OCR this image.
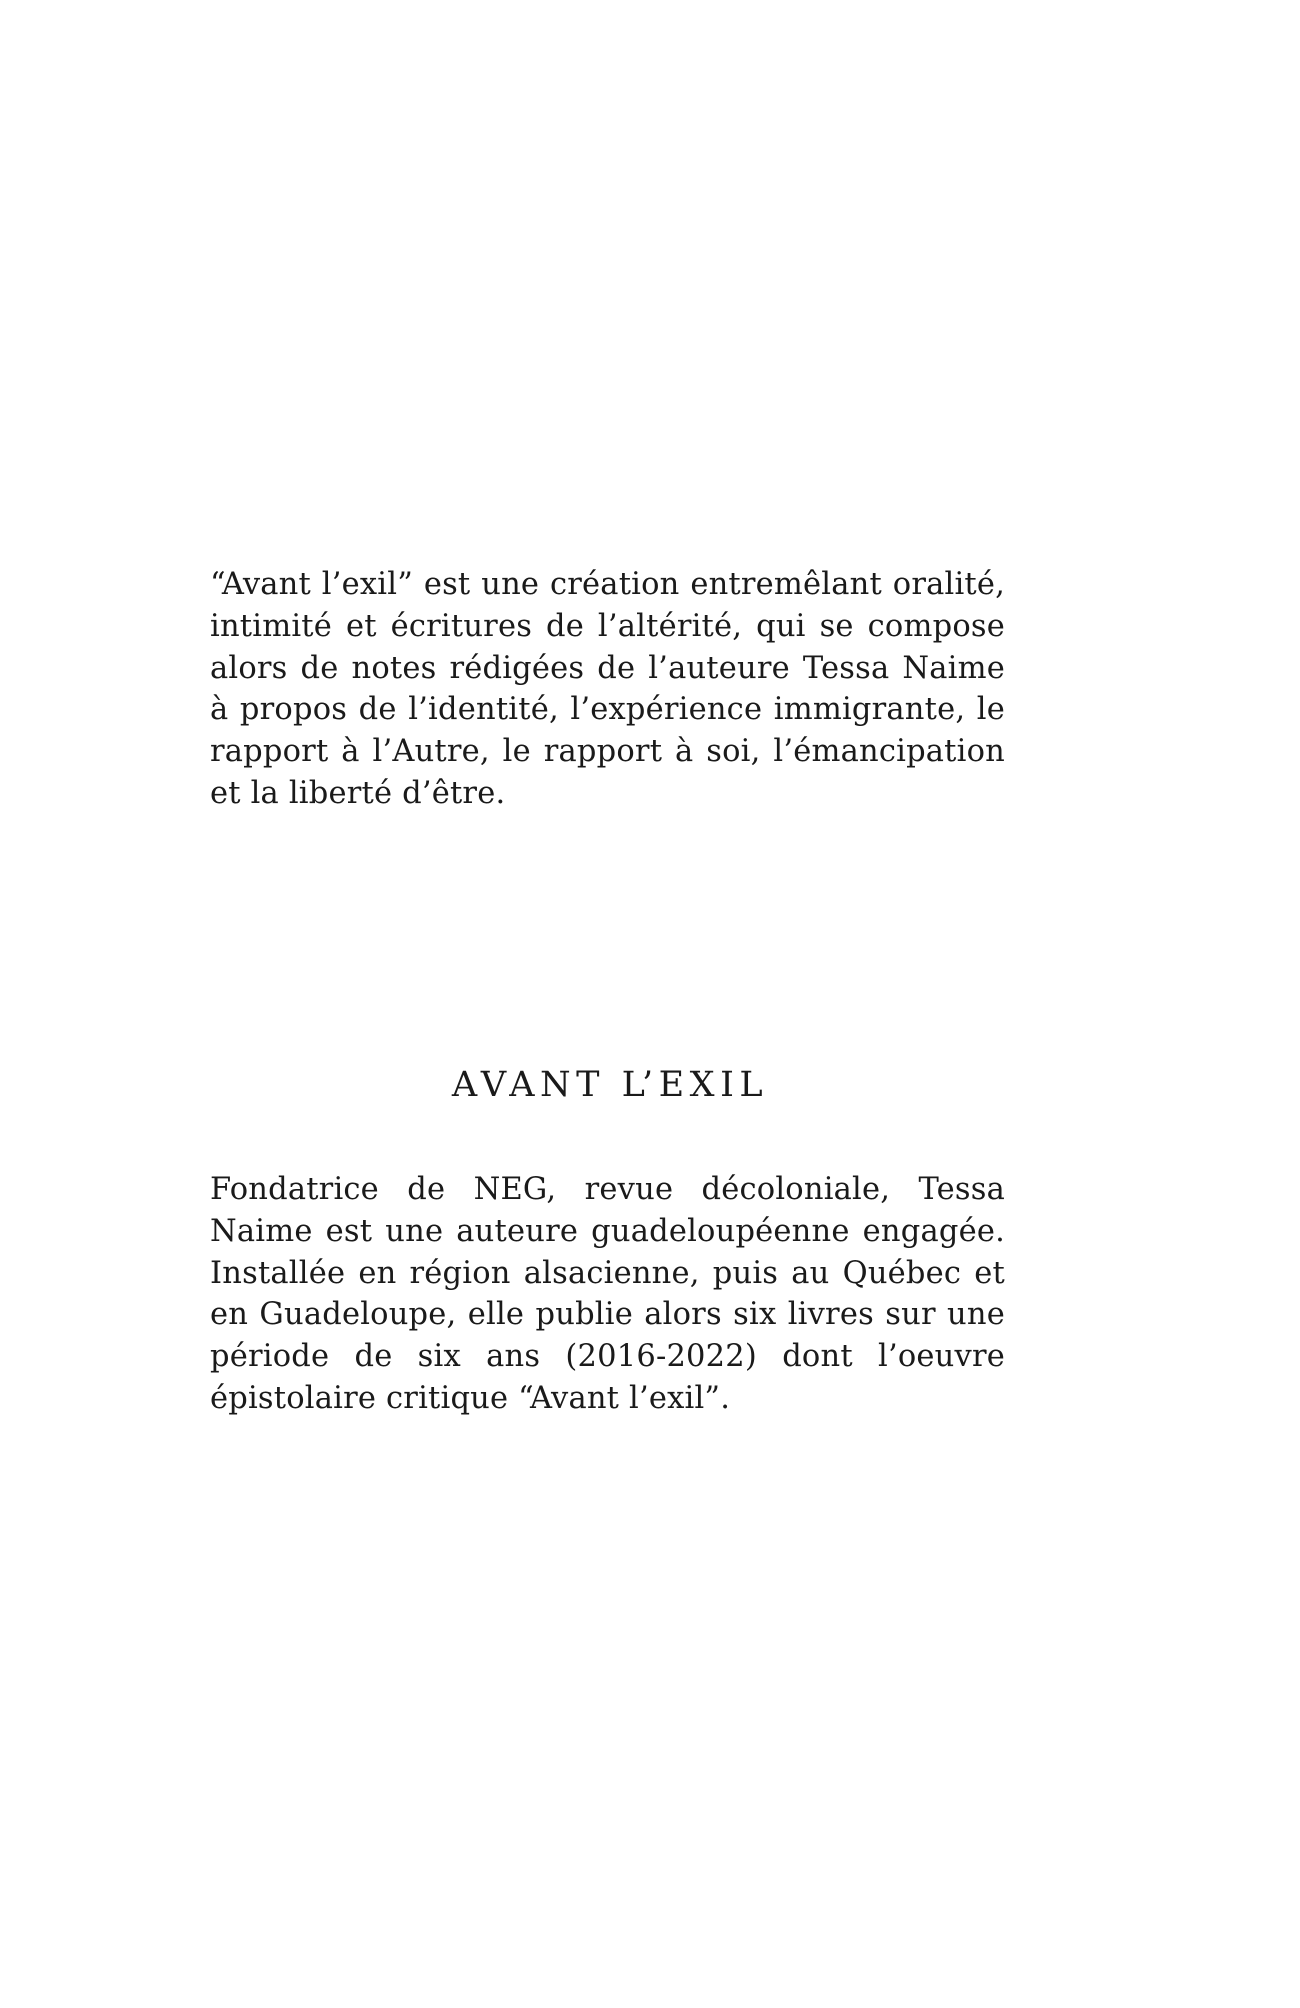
“Avant l’exil” est une création entremêlant oralité, intimité et écritures de l’altérité, qui se compose alors de notes rédigées de l’auteure Tessa Naime à propos de l’identité, l’expérience immigrante, le rapport à l’Autre, le rapport à soi, l’émancipation et la liberté d’être.

AVANT L’EXIL

Fondatrice de NEG, revue décoloniale, Tessa Naime est une auteure guadeloupéenne engagée. Installée en région alsacienne, puis au Québec et en Guadeloupe, elle publie alors six livres sur une période de six ans (2016-2022) dont l’oeuvre épistolaire critique “Avant l’exil”.
